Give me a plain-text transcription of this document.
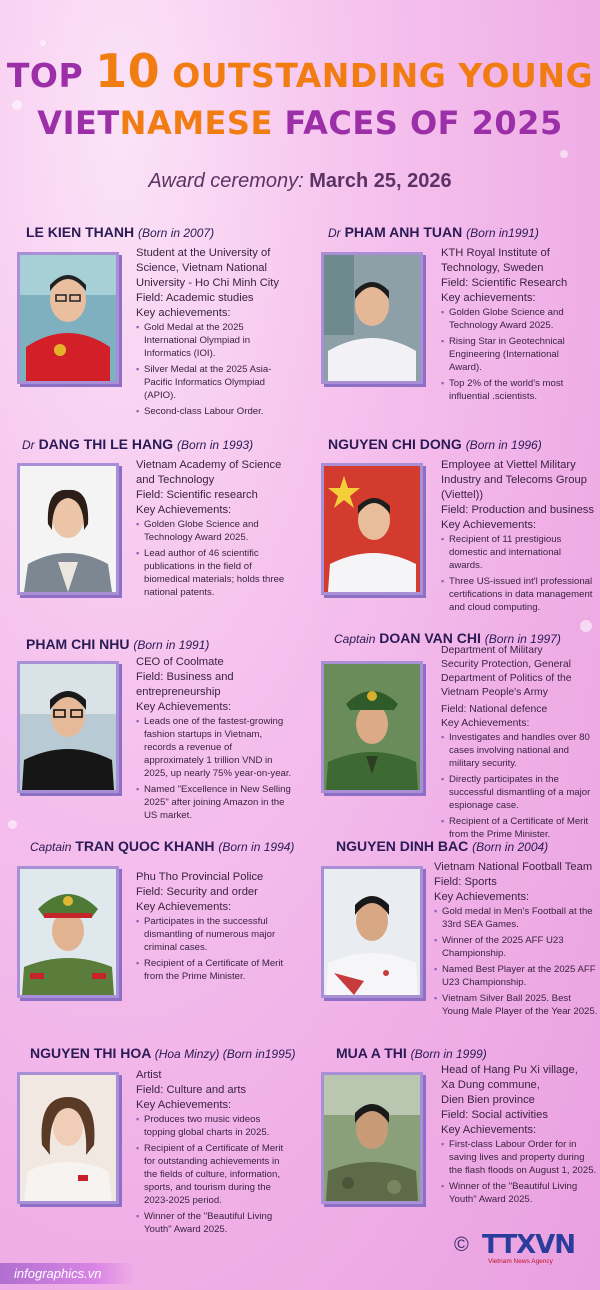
TOP 10 OUTSTANDING YOUNG
VIETNAMESE FACES OF 2025
Award ceremony: March 25, 2026
LE KIEN THANH (Born in 2007)
Student at the University of
Science, Vietnam National
University - Ho Chi Minh City
Field: Academic studies
Key achievements:
▪ Gold Medal at the 2025 International Olympiad in Informatics (IOI).
▪ Silver Medal at the 2025 Asia-Pacific Informatics Olympiad (APIO).
▪ Second-class Labour Order.
Dr PHAM ANH TUAN (Born in1991)
KTH Royal Institute of
Technology, Sweden
Field: Scientific Research
Key achievements:
▪ Golden Globe Science and Technology Award 2025.
▪ Rising Star in Geotechnical Engineering (International Award).
▪ Top 2% of the world's most influential .scientists.
Dr DANG THI LE HANG (Born in 1993)
Vietnam Academy of Science
and Technology
Field: Scientific research
Key Achievements:
▪ Golden Globe Science and Technology Award 2025.
▪ Lead author of 46 scientific publications in the field of biomedical materials; holds three national patents.
NGUYEN CHI DONG (Born in 1996)
Employee at Viettel Military
Industry and Telecoms Group
(Viettel))
Field: Production and business
Key Achievements:
▪ Recipient of 11 prestigious domestic and international awards.
▪ Three US-issued int'l professional certifications in data management and cloud computing.
PHAM CHI NHU (Born in 1991)
CEO of Coolmate
Field: Business and
entrepreneurship
Key Achievements:
▪ Leads one of the fastest-growing fashion startups in Vietnam, records a revenue of approximately 1 trillion VND in 2025, up nearly 75% year-on-year.
▪ Named "Excellence in New Selling 2025" after joining Amazon in the US market.
Captain DOAN VAN CHI (Born in 1997)
Department of Military
Security Protection, General
Department of Politics of the
Vietnam People's Army
Field: National defence
Key Achievements:
▪ Investigates and handles over 80 cases involving national and military security.
▪ Directly participates in the successful dismantling of a major espionage case.
▪ Recipient of a Certificate of Merit from the Prime Minister.
Captain TRAN QUOC KHANH (Born in 1994)
Phu Tho Provincial Police
Field: Security and order
Key Achievements:
▪ Participates in the successful dismantling of numerous major criminal cases.
▪ Recipient of a Certificate of Merit from the Prime Minister.
NGUYEN DINH BAC (Born in 2004)
Vietnam National Football Team
Field: Sports
Key Achievements:
▪ Gold medal in Men's Football at the 33rd SEA Games.
▪ Winner of the 2025 AFF U23 Championship.
▪ Named Best Player at the 2025 AFF U23 Championship.
▪ Vietnam Silver Ball 2025. Best Young Male Player of the Year 2025.
NGUYEN THI HOA (Hoa Minzy) (Born in1995)
Artist
Field: Culture and arts
Key Achievements:
▪ Produces two music videos topping global charts in 2025.
▪ Recipient of a Certificate of Merit for outstanding achievements in the fields of culture, information, sports, and tourism during the 2023-2025 period.
▪ Winner of the "Beautiful Living Youth" Award 2025.
MUA A THI (Born in 1999)
Head of Hang Pu Xi village,
Xa Dung commune,
Dien Bien province
Field: Social activities
Key Achievements:
▪ First-class Labour Order for in saving lives and property during the flash floods on August 1, 2025.
▪ Winner of the "Beautiful Living Youth" Award 2025.
infographics.vn
© TTXVN
Vietnam News Agency
